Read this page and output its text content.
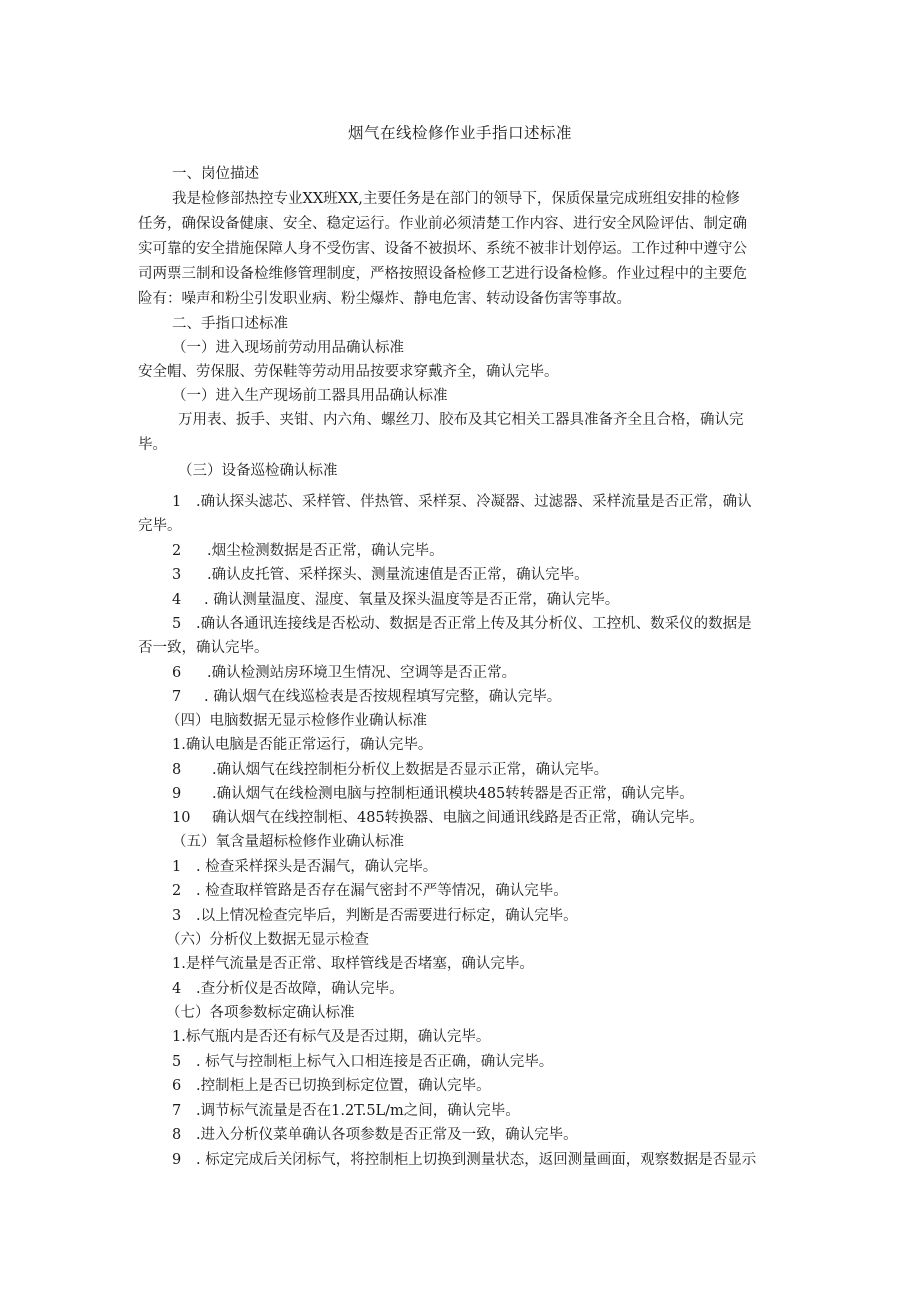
烟气在线检修作业手指口述标准
一、岗位描述
我是检修部热控专业XX班XX,主要任务是在部门的领导下，保质保量完成班组安排的检修
任务，确保设备健康、安全、稳定运行。作业前必须清楚工作内容、进行安全风险评估、制定确
实可靠的安全措施保障人身不受伤害、设备不被损坏、系统不被非计划停运。工作过种中遵守公
司两票三制和设备检维修管理制度，严格按照设备检修工艺进行设备检修。作业过程中的主要危
险有：噪声和粉尘引发职业病、粉尘爆炸、静电危害、转动设备伤害等事故。
二、手指口述标准
（一）进入现场前劳动用品确认标准
安全帽、劳保服、劳保鞋等劳动用品按要求穿戴齐全，确认完毕。
（一）进入生产现场前工器具用品确认标准
万用表、扳手、夹钳、内六角、螺丝刀、胶布及其它相关工器具准备齐全且合格，确认完
毕。
（三）设备巡检确认标准
1 .确认探头滤芯、采样管、伴热管、采样泵、冷凝器、过滤器、采样流量是否正常，确认
完毕。
2 .烟尘检测数据是否正常，确认完毕。
3 .确认皮托管、采样探头、测量流速值是否正常，确认完毕。
4 . 确认测量温度、湿度、氧量及探头温度等是否正常，确认完毕。
5 .确认各通讯连接线是否松动、数据是否正常上传及其分析仪、工控机、数采仪的数据是
否一致，确认完毕。
6 .确认检测站房环境卫生情况、空调等是否正常。
7 . 确认烟气在线巡检表是否按规程填写完整，确认完毕。
（四）电脑数据无显示检修作业确认标准
1.确认电脑是否能正常运行，确认完毕。
8 .确认烟气在线控制柜分析仪上数据是否显示正常，确认完毕。
9 .确认烟气在线检测电脑与控制柜通讯模块485转转器是否正常，确认完毕。
10 确认烟气在线控制柜、485转换器、电脑之间通讯线路是否正常，确认完毕。
（五）氧含量超标检修作业确认标准
1 . 检查采样探头是否漏气，确认完毕。
2 . 检查取样管路是否存在漏气密封不严等情况，确认完毕。
3 .以上情况检查完毕后，判断是否需要进行标定，确认完毕。
（六）分析仪上数据无显示检查
1.是样气流量是否正常、取样管线是否堵塞，确认完毕。
4 .查分析仪是否故障，确认完毕。
（七）各项参数标定确认标准
1.标气瓶内是否还有标气及是否过期，确认完毕。
5 . 标气与控制柜上标气入口相连接是否正确，确认完毕。
6 .控制柜上是否已切换到标定位置，确认完毕。
7 .调节标气流量是否在1.2T.5L∕m之间，确认完毕。
8 .进入分析仪菜单确认各项参数是否正常及一致，确认完毕。
9 . 标定完成后关闭标气，将控制柜上切换到测量状态，返回测量画面，观察数据是否显示
